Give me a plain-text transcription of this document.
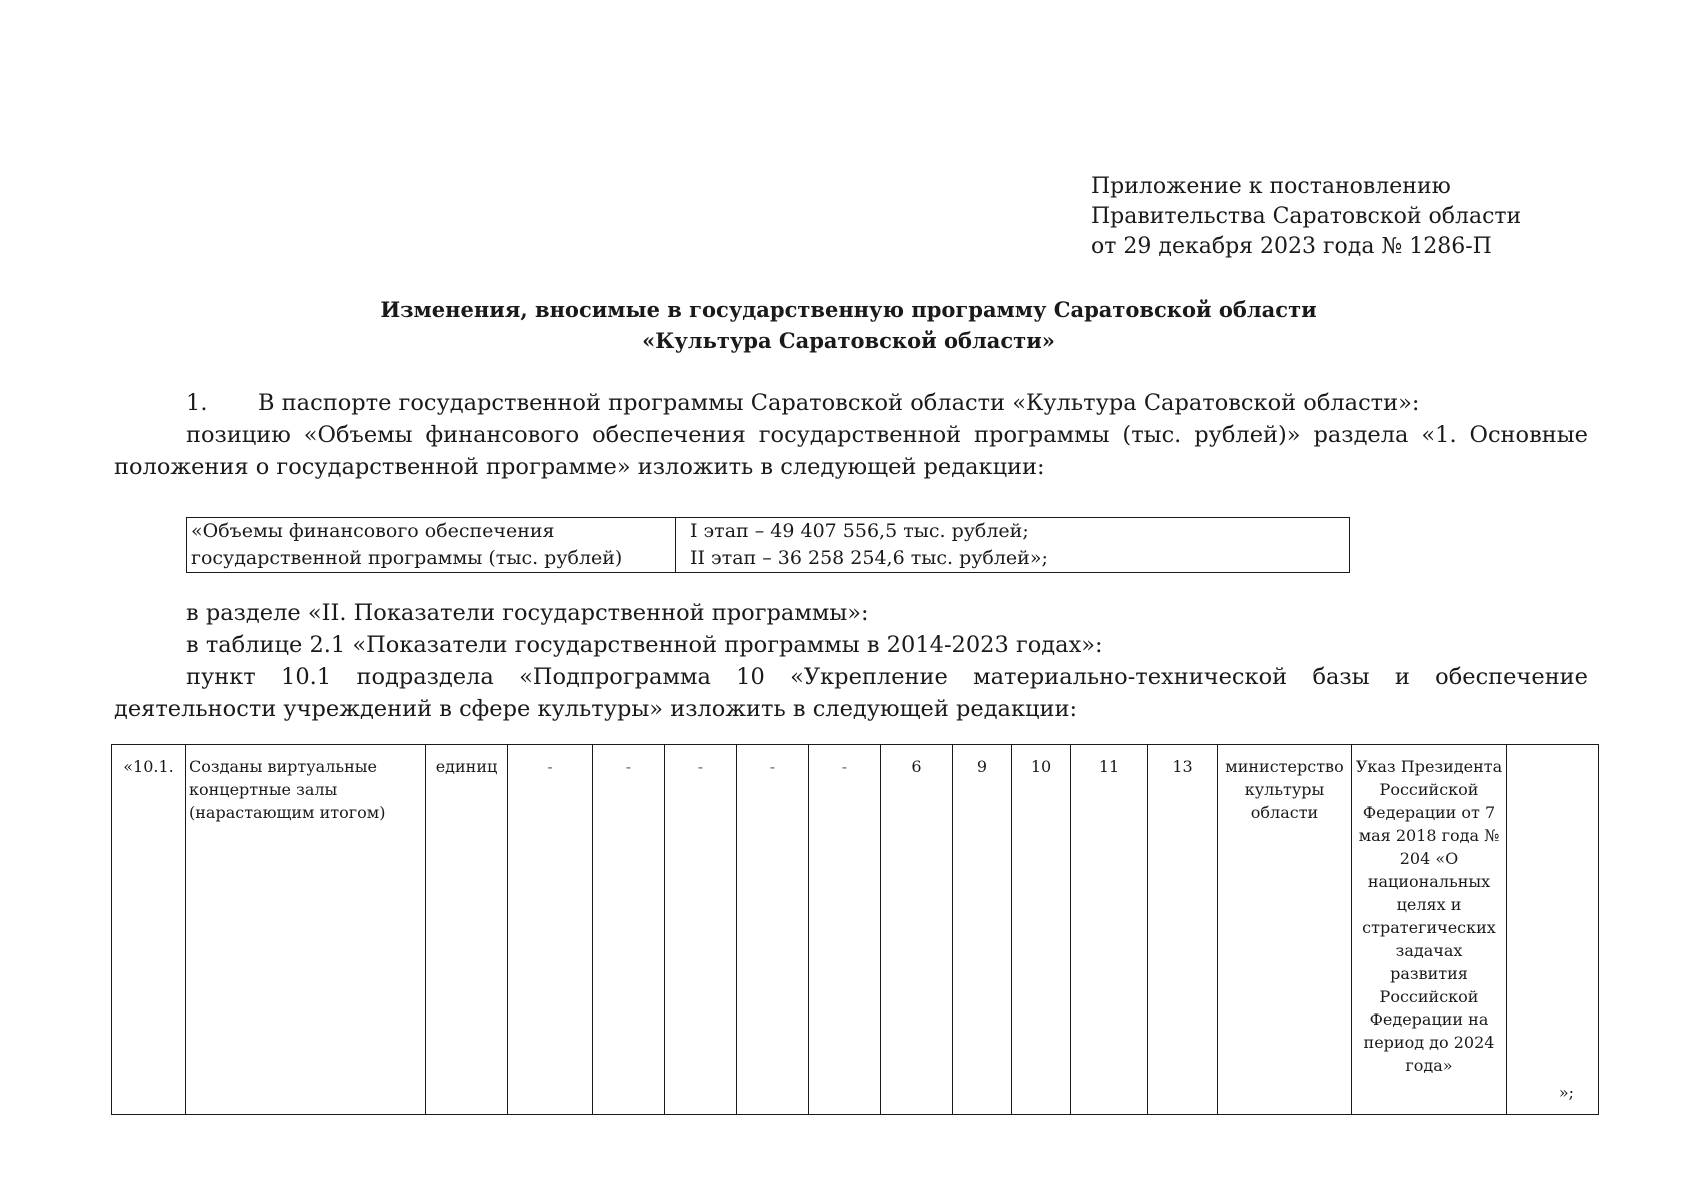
Приложение к постановлению
Правительства Саратовской области
от 29 декабря 2023 года № 1286-П
Изменения, вносимые в государственную программу Саратовской области
«Культура Саратовской области»
1. В паспорте государственной программы Саратовской области «Культура Саратовской области»:
позицию «Объемы финансового обеспечения государственной программы (тыс. рублей)» раздела «1. Основные положения о государственной программе» изложить в следующей редакции:
«Объемы финансового обеспечения
государственной программы (тыс. рублей)

I этап – 49 407 556,5 тыс. рублей;
II этап – 36 258 254,6 тыс. рублей»;
в разделе «II. Показатели государственной программы»:
в таблице 2.1 «Показатели государственной программы в 2014-2023 годах»:
пункт 10.1 подраздела «Подпрограмма 10 «Укрепление материально-технической базы и обеспечение
деятельности учреждений в сфере культуры» изложить в следующей редакции:
«10.1.	Созданы виртуальные концертные залы (нарастающим итогом)	единиц	-	-	-	-	-	6	9	10	11	13	министерство культуры области	Указ Президента Российской Федерации от 7 мая 2018 года № 204 «О национальных целях и стратегических задачах развития Российской Федерации на период до 2024 года»	
»;
